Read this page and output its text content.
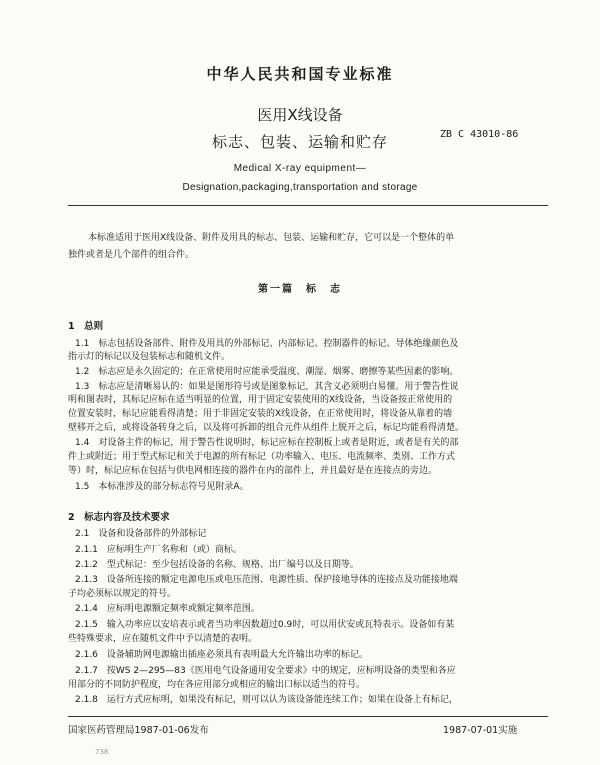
中华人民共和国专业标准
医用X线设备
标志、包装、运输和贮存	ZB C 43010-86
Medical X-ray equipment—
Designation,packaging,transportation and storage
本标准适用于医用X线设备、附件及用具的标志、包装、运输和贮存，它可以是一个整体的单
独件或者是几个部件的组合件。
第一篇　标　志
1　总则
1.1　标志包括设备部件、附件及用具的外部标记、内部标记、控制器件的标记、导体绝缘颜色及
指示灯的标记以及包装标志和随机文件。
1.2　标志应是永久固定的；在正常使用时应能承受温度、潮湿、烟雾、磨擦等某些因素的影响。
1.3　标志应是清晰易认的：如果是图形符号或是图象标记，其含义必须明白易懂。用于警告性说
明和图表时，其标记应标在适当明显的位置，用于固定安装使用的X线设备，当设备按正常使用的
位置安装时，标记应能看得清楚；用于非固定安装的X线设备，在正常使用时，将设备从靠着的墙
壁移开之后，或将设备转身之后，以及将可拆卸的组合元件从组件上脱开之后，标记均能看得清楚。
1.4　对设备主件的标记，用于警告性说明时，标记应标在控制板上或者是附近，或者是有关的部
件上或附近；用于型式标记和关于电源的所有标记（功率输入、电压、电流频率、类别、工作方式
等）时，标记应标在包括与供电网相连接的器件在内的部件上，并且最好是在连接点的旁边。
1.5　本标准涉及的部分标志符号见附录A。
2　标志内容及技术要求
2.1　设备和设备部件的外部标记
2.1.1　应标明生产厂名称和（或）商标。
2.1.2　型式标记：至少包括设备的名称、规格、出厂编号以及日期等。
2.1.3　设备所连接的额定电源电压或电压范围、电源性质、保护接地导体的连接点及功能接地端
子均必须标以规定的符号。
2.1.4　应标明电源额定频率或额定频率范围。
2.1.5　输入功率应以安培表示或者当功率因数超过0.9时，可以用伏安或瓦特表示。设备如有某
些特殊要求，应在随机文件中予以清楚的表明。
2.1.6　设备辅助网电源输出插座必须具有表明最大允许输出功率的标记。
2.1.7　按WS 2—295—83《医用电气设备通用安全要求》中的规定，应标明设备的类型和各应
用部分的不同防护程度，均在各应用部分或相应的输出口标以适当的符号。
2.1.8　运行方式应标明，如果没有标记，则可以认为该设备能连续工作；如果在设备上有标记，
国家医药管理局1987-01-06发布	1987-07-01实施
738
